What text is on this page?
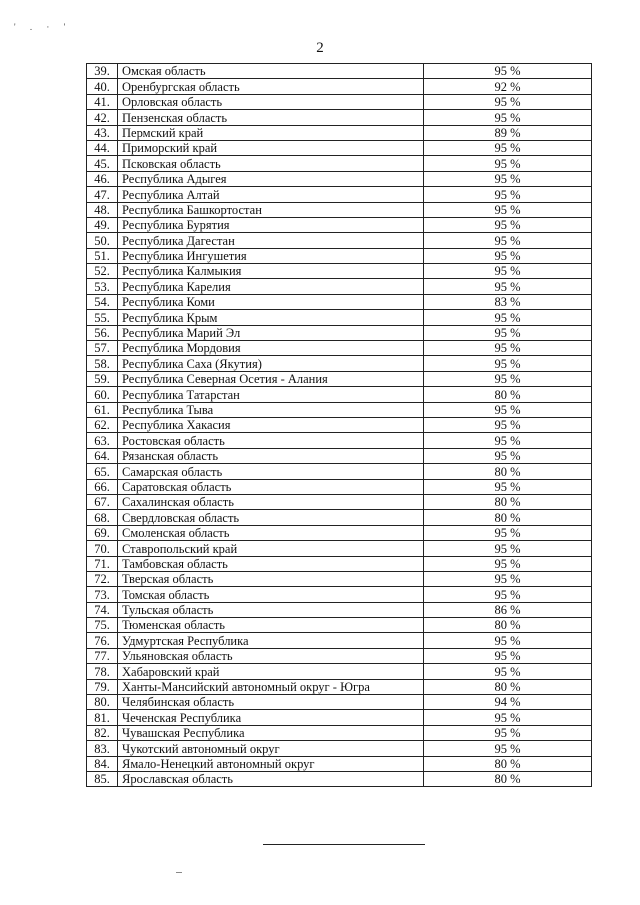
' . · '
2
39.	Омская область	95 %
40.	Оренбургская область	92 %
41.	Орловская область	95 %
42.	Пензенская область	95 %
43.	Пермский край	89 %
44.	Приморский край	95 %
45.	Псковская область	95 %
46.	Республика Адыгея	95 %
47.	Республика Алтай	95 %
48.	Республика Башкортостан	95 %
49.	Республика Бурятия	95 %
50.	Республика Дагестан	95 %
51.	Республика Ингушетия	95 %
52.	Республика Калмыкия	95 %
53.	Республика Карелия	95 %
54.	Республика Коми	83 %
55.	Республика Крым	95 %
56.	Республика Марий Эл	95 %
57.	Республика Мордовия	95 %
58.	Республика Саха (Якутия)	95 %
59.	Республика Северная Осетия - Алания	95 %
60.	Республика Татарстан	80 %
61.	Республика Тыва	95 %
62.	Республика Хакасия	95 %
63.	Ростовская область	95 %
64.	Рязанская область	95 %
65.	Самарская область	80 %
66.	Саратовская область	95 %
67.	Сахалинская область	80 %
68.	Свердловская область	80 %
69.	Смоленская область	95 %
70.	Ставропольский край	95 %
71.	Тамбовская область	95 %
72.	Тверская область	95 %
73.	Томская область	95 %
74.	Тульская область	86 %
75.	Тюменская область	80 %
76.	Удмуртская Республика	95 %
77.	Ульяновская область	95 %
78.	Хабаровский край	95 %
79.	Ханты-Мансийский автономный округ - Югра	80 %
80.	Челябинская область	94 %
81.	Чеченская Республика	95 %
82.	Чувашская Республика	95 %
83.	Чукотский автономный округ	95 %
84.	Ямало-Ненецкий автономный округ	80 %
85.	Ярославская область	80 %
